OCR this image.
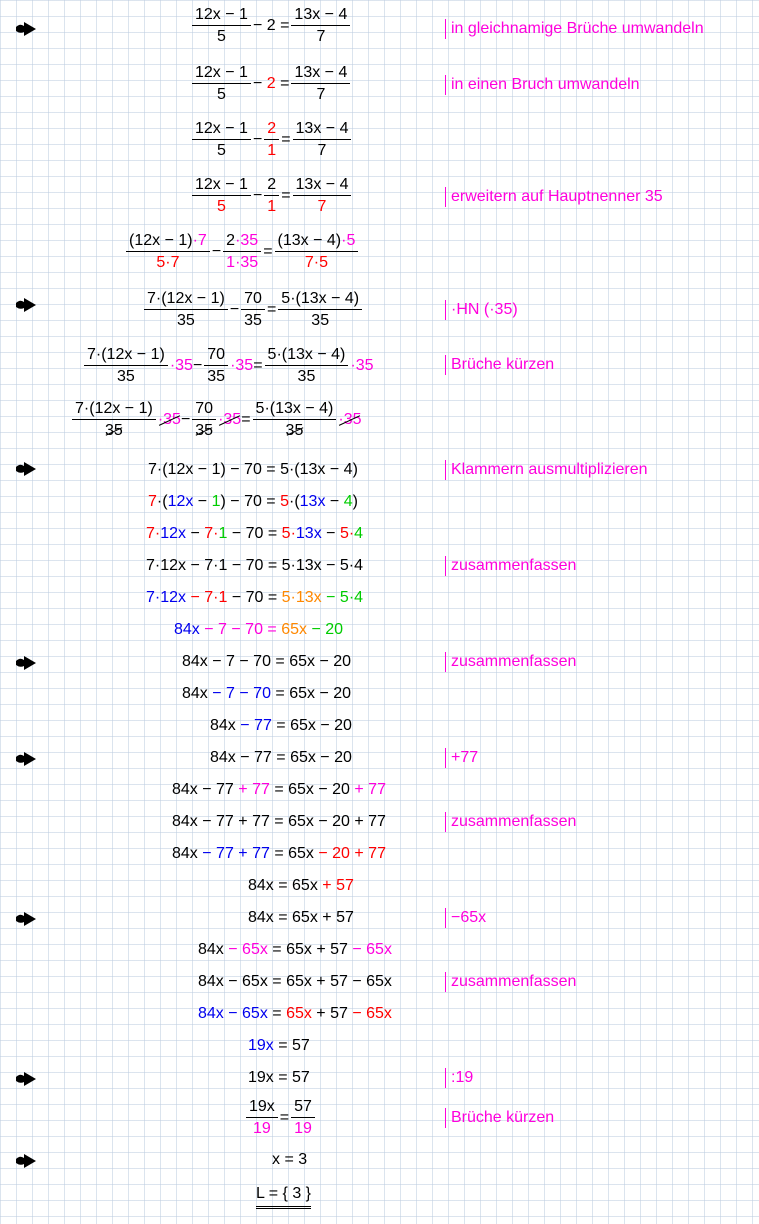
in gleichnamige Brüche umwandeln
in einen Bruch umwandeln
erweitern auf Hauptnenner 35
·HN (·35)
Brüche kürzen
Klammern ausmultiplizieren
zusammenfassen
zusammenfassen
+77
zusammenfassen
−65x
zusammenfassen
:19
Brüche kürzen
$\frac{12x - 1}{5} - 2 = \frac{13x - 4}{7}$
$\frac{12x - 1}{5}$ −
2
= $\frac{13x - 4}{7}$
$\frac{12x - 1}{5} - \frac{2}{1} = \frac{13x - 4}{7}$
$\frac{12x - 1}{5} - \frac{2}{1} = \frac{13x - 4}{7}$
$\frac{(12x - 1)\cdot 7}{5\cdot 7} - \frac{2\cdot 35}{1\cdot 35} = \frac{(13x - 4)\cdot 5}{7\cdot 5}$
$\frac{7\cdot(12x - 1)}{35} - \frac{70}{35} = \frac{5\cdot(13x - 4)}{35}$
$\frac{7\cdot(12x - 1)}{35} \cdot 35 - \frac{70}{35} \cdot 35 = \frac{5\cdot(13x - 4)}{35} \cdot 35$
$\frac{7\cdot(12x - 1)}{35} \cdot 35 - \frac{70}{35} \cdot 35 = \frac{5\cdot(13x - 4)}{35} \cdot 35$
7·(12x − 1) − 70 = 5·(13x − 4)
7 ·( 12x − 1 ) − 70 = 5 ·( 13x − 4 )
7 · 12x − 7 · 1 − 70 = 5 · 13x − 5 · 4
7·12x − 7·1 − 70 = 5·13x − 5·4
7·12x − 7·1 − 70 = 5·13x − 5·4
84x − 7 − 70 = 65x − 20
84x − 7 − 70 = 65x − 20
84x − 7 − 70 = 65x − 20
84x − 77 = 65x − 20
84x − 77 = 65x − 20
84x − 77 + 77 = 65x − 20 + 77
84x − 77 + 77 = 65x − 20 + 77
84x − 77 + 77 = 65x − 20 + 77
84x = 65x + 57
84x = 65x + 57
84x − 65x = 65x + 57 − 65x
84x − 65x = 65x + 57 − 65x
84x − 65x = 65x + 57 − 65x
19x = 57
19x = 57
$\frac{19x}{19} = \frac{57}{19}$
x = 3
L = { 3 }
